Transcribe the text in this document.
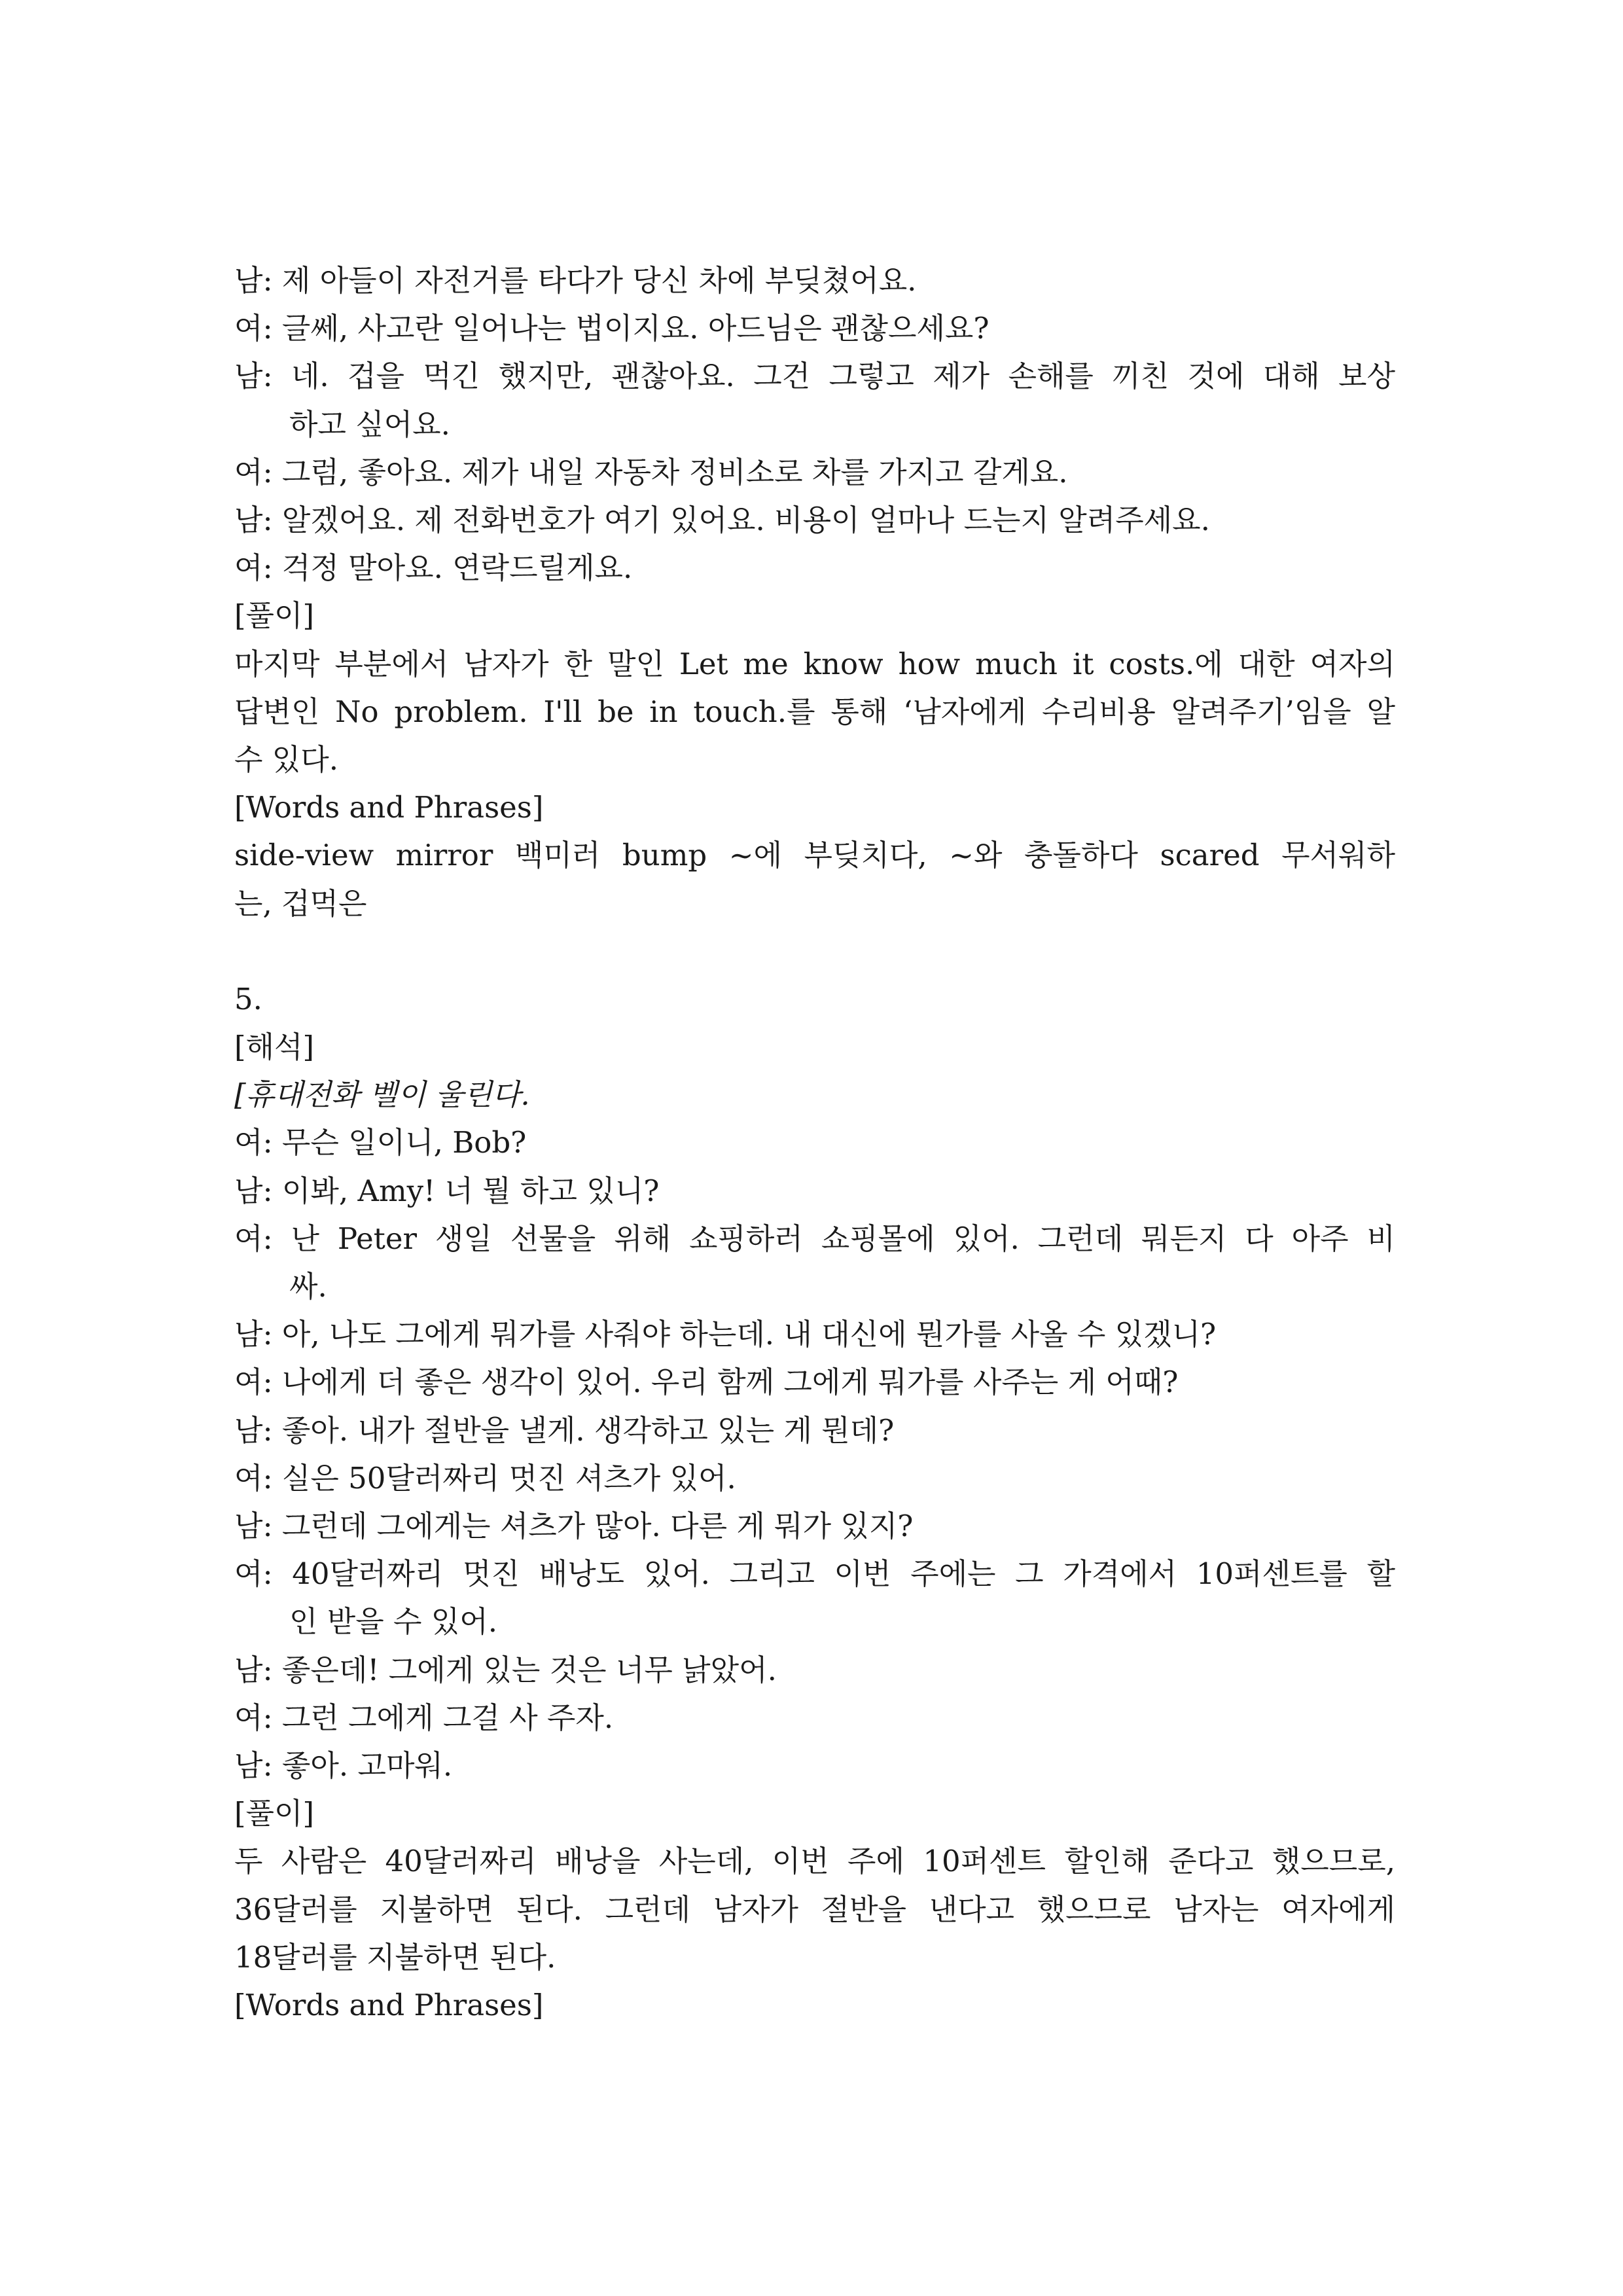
남: 제 아들이 자전거를 타다가 당신 차에 부딪쳤어요.
여: 글쎄, 사고란 일어나는 법이지요. 아드님은 괜찮으세요?
남: 네. 겁을 먹긴 했지만, 괜찮아요. 그건 그렇고 제가 손해를 끼친 것에 대해 보상
하고 싶어요.
여: 그럼, 좋아요. 제가 내일 자동차 정비소로 차를 가지고 갈게요.
남: 알겠어요. 제 전화번호가 여기 있어요. 비용이 얼마나 드는지 알려주세요.
여: 걱정 말아요. 연락드릴게요.
[풀이]
마지막 부분에서 남자가 한 말인 Let me know how much it costs.에 대한 여자의
답변인 No problem. I'll be in touch.를 통해 ‘남자에게 수리비용 알려주기’임을 알
수 있다.
[Words and Phrases]
side-view mirror 백미러 bump ~에 부딪치다, ~와 충돌하다 scared 무서워하
는, 겁먹은
5.
[해석]
[휴대전화 벨이 울린다.
여: 무슨 일이니, Bob?
남: 이봐, Amy! 너 뭘 하고 있니?
여: 난 Peter 생일 선물을 위해 쇼핑하러 쇼핑몰에 있어. 그런데 뭐든지 다 아주 비
싸.
남: 아, 나도 그에게 뭐가를 사줘야 하는데. 내 대신에 뭔가를 사올 수 있겠니?
여: 나에게 더 좋은 생각이 있어. 우리 함께 그에게 뭐가를 사주는 게 어때?
남: 좋아. 내가 절반을 낼게. 생각하고 있는 게 뭔데?
여: 실은 50달러짜리 멋진 셔츠가 있어.
남: 그런데 그에게는 셔츠가 많아. 다른 게 뭐가 있지?
여: 40달러짜리 멋진 배낭도 있어. 그리고 이번 주에는 그 가격에서 10퍼센트를 할
인 받을 수 있어.
남: 좋은데! 그에게 있는 것은 너무 낡았어.
여: 그런 그에게 그걸 사 주자.
남: 좋아. 고마워.
[풀이]
두 사람은 40달러짜리 배낭을 사는데, 이번 주에 10퍼센트 할인해 준다고 했으므로,
36달러를 지불하면 된다. 그런데 남자가 절반을 낸다고 했으므로 남자는 여자에게
18달러를 지불하면 된다.
[Words and Phrases]
